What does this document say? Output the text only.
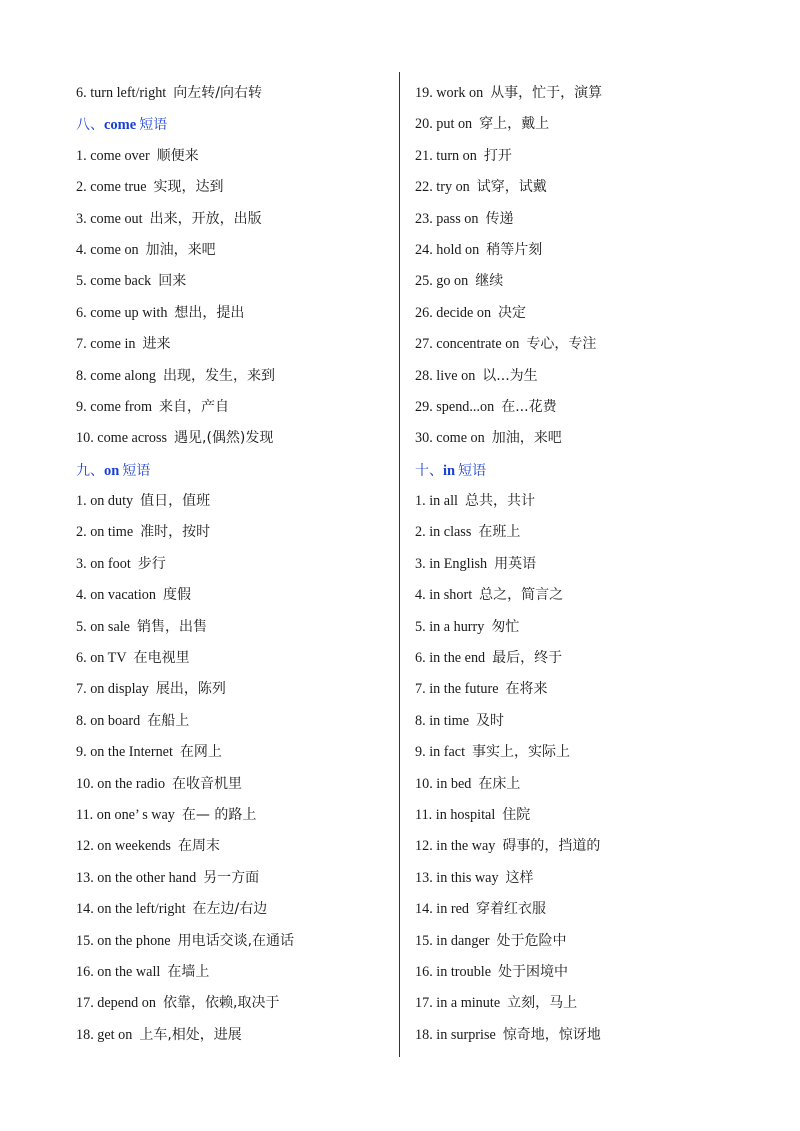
6. turn left/right 向左转/向右转
八、come 短语
1. come over 顺便来
2. come true 实现，达到
3. come out 出来，开放，出版
4. come on 加油，来吧
5. come back 回来
6. come up with 想出，提出
7. come in 进来
8. come along 出现，发生，来到
9. come from 来自，产自
10. come across 遇见,(偶然)发现
九、on 短语
1. on duty 值日，值班
2. on time 准时，按时
3. on foot 步行
4. on vacation 度假
5. on sale 销售，出售
6. on TV 在电视里
7. on display 展出，陈列
8. on board 在船上
9. on the Internet 在网上
10. on the radio 在收音机里
11. on one’ s way 在— 的路上
12. on weekends 在周末
13. on the other hand 另一方面
14. on the left/right 在左边/右边
15. on the phone 用电话交谈,在通话
16. on the wall 在墙上
17. depend on 依靠，依赖,取决于
18. get on 上车,相处，进展
19. work on 从事，忙于，演算
20. put on 穿上，戴上
21. turn on 打开
22. try on 试穿，试戴
23. pass on 传递
24. hold on 稍等片刻
25. go on 继续
26. decide on 决定
27. concentrate on 专心，专注
28. live on 以...为生
29. spend...on 在...花费
30. come on 加油，来吧
十、in 短语
1. in all 总共，共计
2. in class 在班上
3. in English 用英语
4. in short 总之，简言之
5. in a hurry 匆忙
6. in the end 最后，终于
7. in the future 在将来
8. in time 及时
9. in fact 事实上，实际上
10. in bed 在床上
11. in hospital 住院
12. in the way 碍事的，挡道的
13. in this way 这样
14. in red 穿着红衣服
15. in danger 处于危险中
16. in trouble 处于困境中
17. in a minute 立刻，马上
18. in surprise 惊奇地，惊讶地
